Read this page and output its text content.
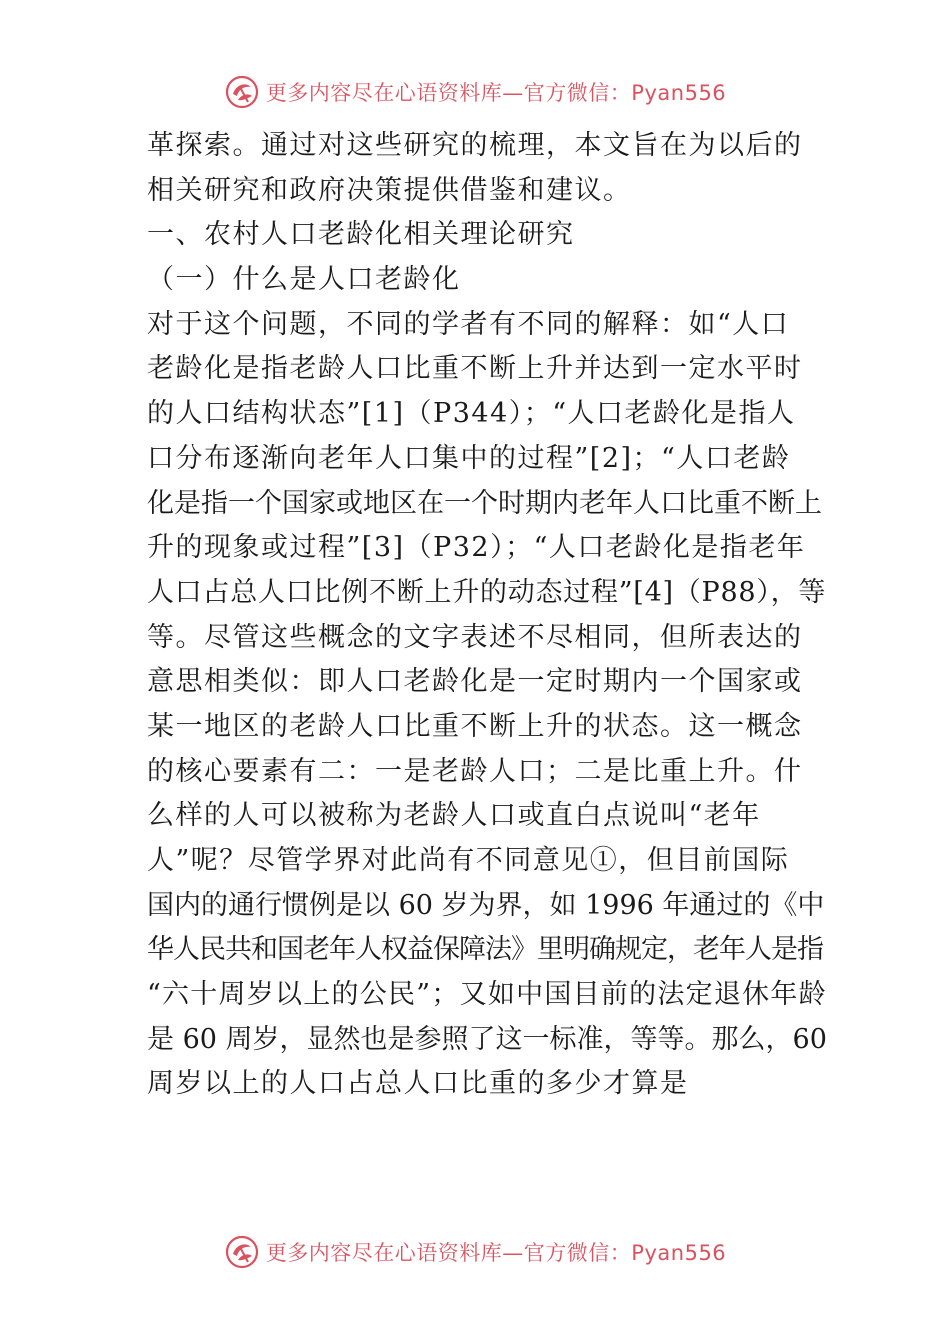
更多内容尽在心语资料库—官方微信：Pyan556
革探索。通过对这些研究的梳理，本文旨在为以后的
相关研究和政府决策提供借鉴和建议。
一、农村人口老龄化相关理论研究
（一）什么是人口老龄化
对于这个问题，不同的学者有不同的解释：如“人口
老龄化是指老龄人口比重不断上升并达到一定水平时
的人口结构状态”[1]（P344）；“人口老龄化是指人
口分布逐渐向老年人口集中的过程”[2]；“人口老龄
化是指一个国家或地区在一个时期内老年人口比重不断上
升的现象或过程”[3]（P32）；“人口老龄化是指老年
人口占总人口比例不断上升的动态过程”[4]（P88），等
等。尽管这些概念的文字表述不尽相同，但所表达的
意思相类似：即人口老龄化是一定时期内一个国家或
某一地区的老龄人口比重不断上升的状态。这一概念
的核心要素有二：一是老龄人口；二是比重上升。什
么样的人可以被称为老龄人口或直白点说叫“老年
人”呢？尽管学界对此尚有不同意见①，但目前国际
国内的通行惯例是以 60 岁为界，如 1996 年通过的《中
华人民共和国老年人权益保障法》里明确规定，老年人是指
“六十周岁以上的公民”；又如中国目前的法定退休年龄
是 60 周岁，显然也是参照了这一标准，等等。那么，60
周岁以上的人口占总人口比重的多少才算是
更多内容尽在心语资料库—官方微信：Pyan556
